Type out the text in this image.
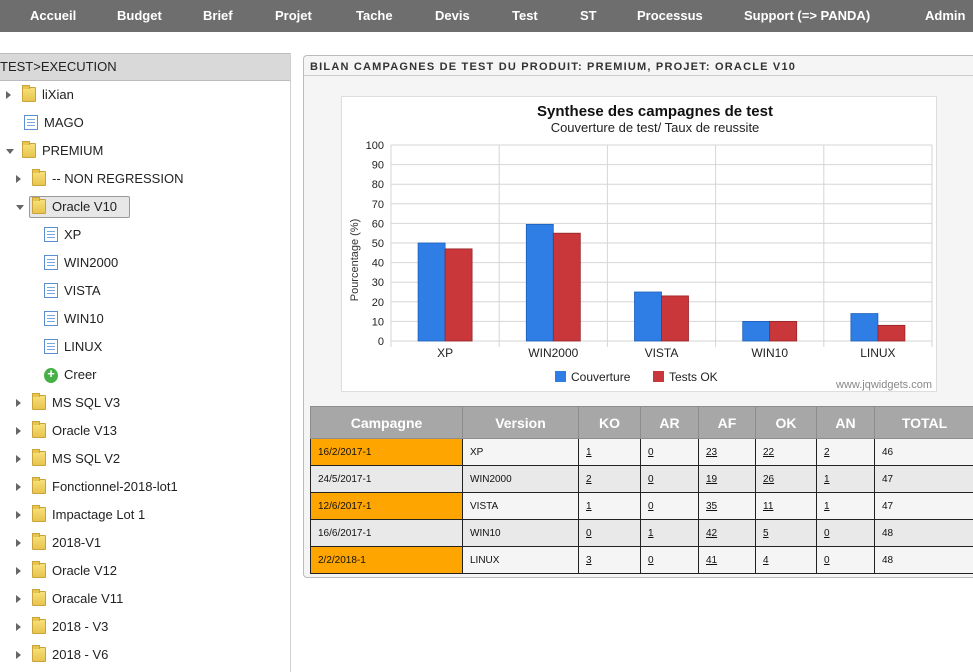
Accueil	Budget	Brief	Projet	Tache	Devis	Test	ST	Processus	Support (=> PANDA)	Admin
TEST>EXECUTION
liXian
MAGO
PREMIUM
-- NON REGRESSION
Oracle V10
XP
WIN2000
VISTA
WIN10
LINUX
+
Creer
MS SQL V3
Oracle V13
MS SQL V2
Fonctionnel-2018-lot1
Impactage Lot 1
2018-V1
Oracle V12
Oracale V11
2018 - V3
2018 - V6
BILAN CAMPAGNES DE TEST DU PRODUIT: PREMIUM, PROJET: ORACLE V10
Synthese des campagnes de test
Couverture de test/ Taux de reussite
Pourcentage (%)
0
10
20
30
40
50
60
70
80
90
100
XP	WIN2000	VISTA	WIN10	LINUX
Couverture	Tests OK
www.jqwidgets.com
Campagne	Version	KO	AR	AF	OK	AN	TOTAL
16/2/2017-1	XP	1	0	23	22	2	46
24/5/2017-1	WIN2000	2	0	19	26	1	47
12/6/2017-1	VISTA	1	0	35	11	1	47
16/6/2017-1	WIN10	0	1	42	5	0	48
2/2/2018-1	LINUX	3	0	41	4	0	48
